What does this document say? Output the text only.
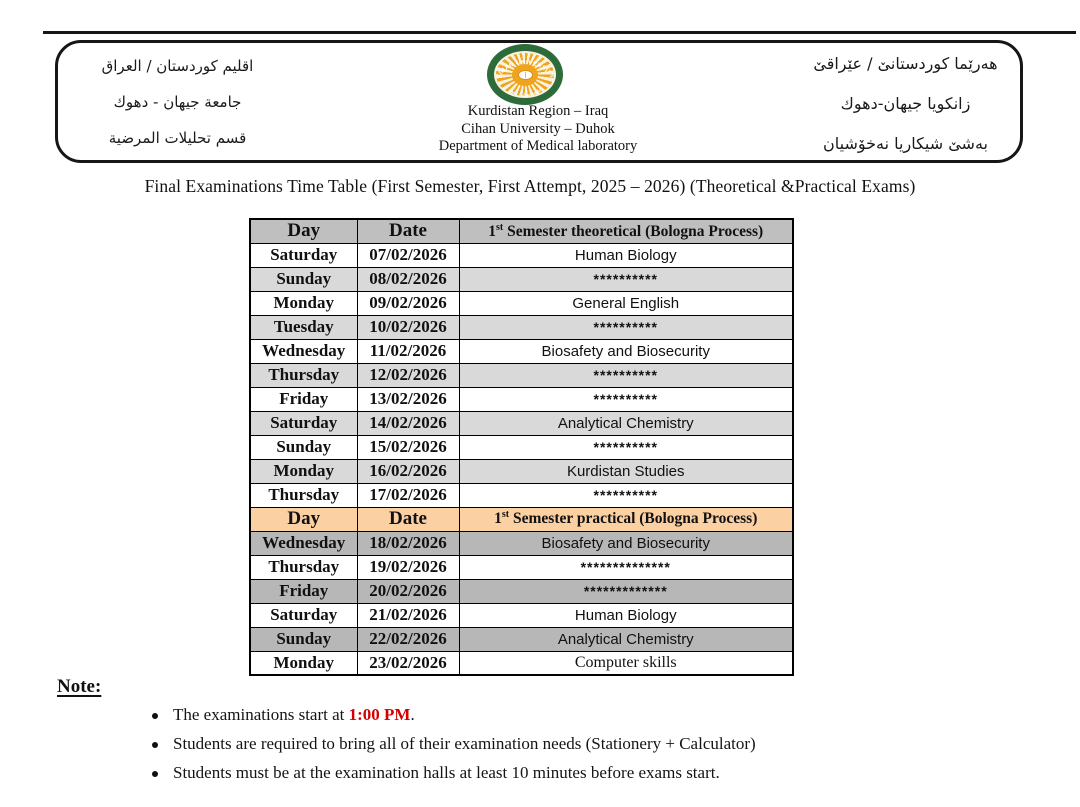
اقليم كوردستان / العراق
جامعة جيهان - دهوك
قسم تحليلات المرضية
هەرێما كوردستانێ / عێراقێ
زانكويا جيهان-دهوك
بەشێ شيكاريا نەخۆشيان
CIHAN UNIVERSITY
جامعة جيهان - دهوك
Kurdistan Region – Iraq
Cihan University – Duhok
Department of Medical laboratory
Final Examinations Time Table (First Semester, First Attempt, 2025 – 2026) (Theoretical &Practical Exams)
Day	Date	1st Semester theoretical (Bologna Process)
Saturday	07/02/2026	Human Biology
Sunday	08/02/2026	**********
Monday	09/02/2026	General English
Tuesday	10/02/2026	**********
Wednesday	11/02/2026	Biosafety and Biosecurity
Thursday	12/02/2026	**********
Friday	13/02/2026	**********
Saturday	14/02/2026	Analytical Chemistry
Sunday	15/02/2026	**********
Monday	16/02/2026	Kurdistan Studies
Thursday	17/02/2026	**********
Day	Date	1st Semester practical (Bologna Process)
Wednesday	18/02/2026	Biosafety and Biosecurity
Thursday	19/02/2026	**************
Friday	20/02/2026	*************
Saturday	21/02/2026	Human Biology
Sunday	22/02/2026	Analytical Chemistry
Monday	23/02/2026	Computer skills
Note:
The examinations start at 1:00 PM.
Students are required to bring all of their examination needs (Stationery + Calculator)
Students must be at the examination halls at least 10 minutes before exams start.
